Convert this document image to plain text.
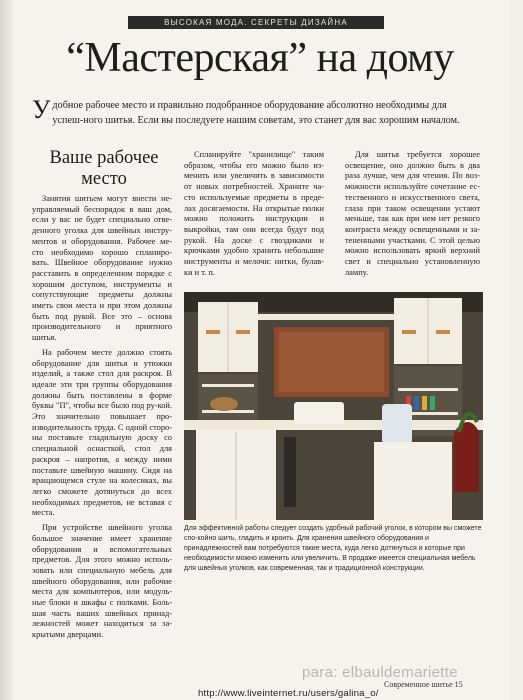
ВЫСОКАЯ МОДА. СЕКРЕТЫ ДИЗАЙНА
“Мастерская” на дому
У добное рабочее место и правильно подобранное оборудование абсолютно необходимы для успеш-ного шитья. Если вы последуете нашим советам, это станет для вас хорошим началом.
Ваше рабочее место

Занятия шитьем могут внести не-управляемый беспорядок в ваш дом, если у вас не будет специально отве-денного уголка для швейных инстру-ментов и оборудования. Рабочее ме-сто необходимо хорошо спланиро-вать. Швейное оборудование нужно расставить в определенном порядке с хорошим доступом, инструменты и сопутствующие предметы должны иметь свои места и при этом должны быть под рукой. Все это – основа производительного и приятного шитья.

На рабочем месте должно стоять оборудование для шитья и утюжки изделий, а также стол для раскроя. В идеале эти три группы оборудования должны быть поставлены в форме буквы "П", чтобы все было под ру-кой. Это значительно повышает про-изводительность труда. С одной сторо-ны поставьте гладильную доску со специальной оснасткой, стол для раскроя – напротив, а между ними поставьте швейную машину. Сидя на вращающемся стуле на колесиках, вы легко сможете дотянуться до всех необходимых предметов, не вставая с места.

При устройстве швейного уголка большое значение имеет хранение оборудования и вспомогательных предметов. Для этого можно исполь-зовать или специальную мебель для швейного оборудования, или рабочие места для компьютеров, или модуль-ные блоки и шкафы с полками. Боль-шая часть ваших швейных принад-лежностей может находиться за за-крытыми дверцами.

Спланируйте "хранилище" таким образом, чтобы его можно было из-менить или увеличить в зависимости от новых потребностей. Храните ча-сто используемые предметы в преде-лах досягаемости. На открытые полки можно положить инструкции и выкройки, там они всегда будут под рукой. На доске с гвоздиками и крючками удобно хранить небольшие инструменты и мелочи: нитки, булав-ки и т. п.

Для шитья требуется хорошее освещение, оно должно быть в два раза лучше, чем для чтения. По воз-можности используйте сочетание ес-тественного и искусственного света, глаза при таком освещении устают меньше, так как при нем нет резкого контраста между освещенными и за-тененными участками. С этой целью можно использовать яркий верхний свет и специально установленную лампу.

Для эффективной работы следует создать удобный рабочий уголок, в котором вы сможете спо-койно шить, гладить и кроить. Для хранения швейного оборудования и принадлежностей вам потребуются такие места, куда легко дотянуться и которые при необходимости можно изменить или увеличить. В продаже имеется специальная мебель для швейных уголков, как современная, так и традиционной конструкции.
para: elbauldemariette
Современное шитье 15
http://www.liveinternet.ru/users/galina_o/
